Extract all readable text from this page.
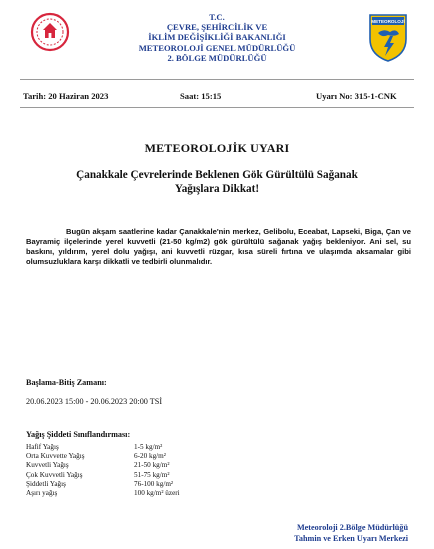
T.C.
ÇEVRE, ŞEHİRCİLİK VE
İKLİM DEĞİŞİKLİĞİ BAKANLIĞI
METEOROLOJİ GENEL MÜDÜRLÜĞÜ
2. BÖLGE MÜDÜRLÜĞÜ
METEOROLOJİ
Tarih: 20 Haziran 2023	Saat: 15:15	Uyarı No: 315-1-CNK
METEOROLOJİK UYARI
Çanakkale Çevrelerinde Beklenen Gök Gürültülü Sağanak Yağışlara Dikkat!
Bugün akşam saatlerine kadar Çanakkale'nin merkez, Gelibolu, Eceabat, Lapseki, Biga, Çan ve Bayramiç ilçelerinde yerel kuvvetli (21-50 kg/m2) gök gürültülü sağanak yağış bekleniyor. Ani sel, su baskını, yıldırım, yerel dolu yağışı, ani kuvvetli rüzgar, kısa süreli fırtına ve ulaşımda aksamalar gibi olumsuzluklara karşı dikkatli ve tedbirli olunmalıdır.
Başlama-Bitiş Zamanı:
20.06.2023 15:00 - 20.06.2023 20:00 TSİ
Yağış Şiddeti Sınıflandırması:
Hafif Yağış	1-5 kg/m²
Orta Kuvvette Yağış	6-20 kg/m²
Kuvvetli Yağış	21-50 kg/m²
Çok Kuvvetli Yağış	51-75 kg/m²
Şiddetli Yağış	76-100 kg/m²
Aşırı yağış	100 kg/m² üzeri
Meteoroloji 2.Bölge Müdürlüğü
Tahmin ve Erken Uyarı Merkezi
